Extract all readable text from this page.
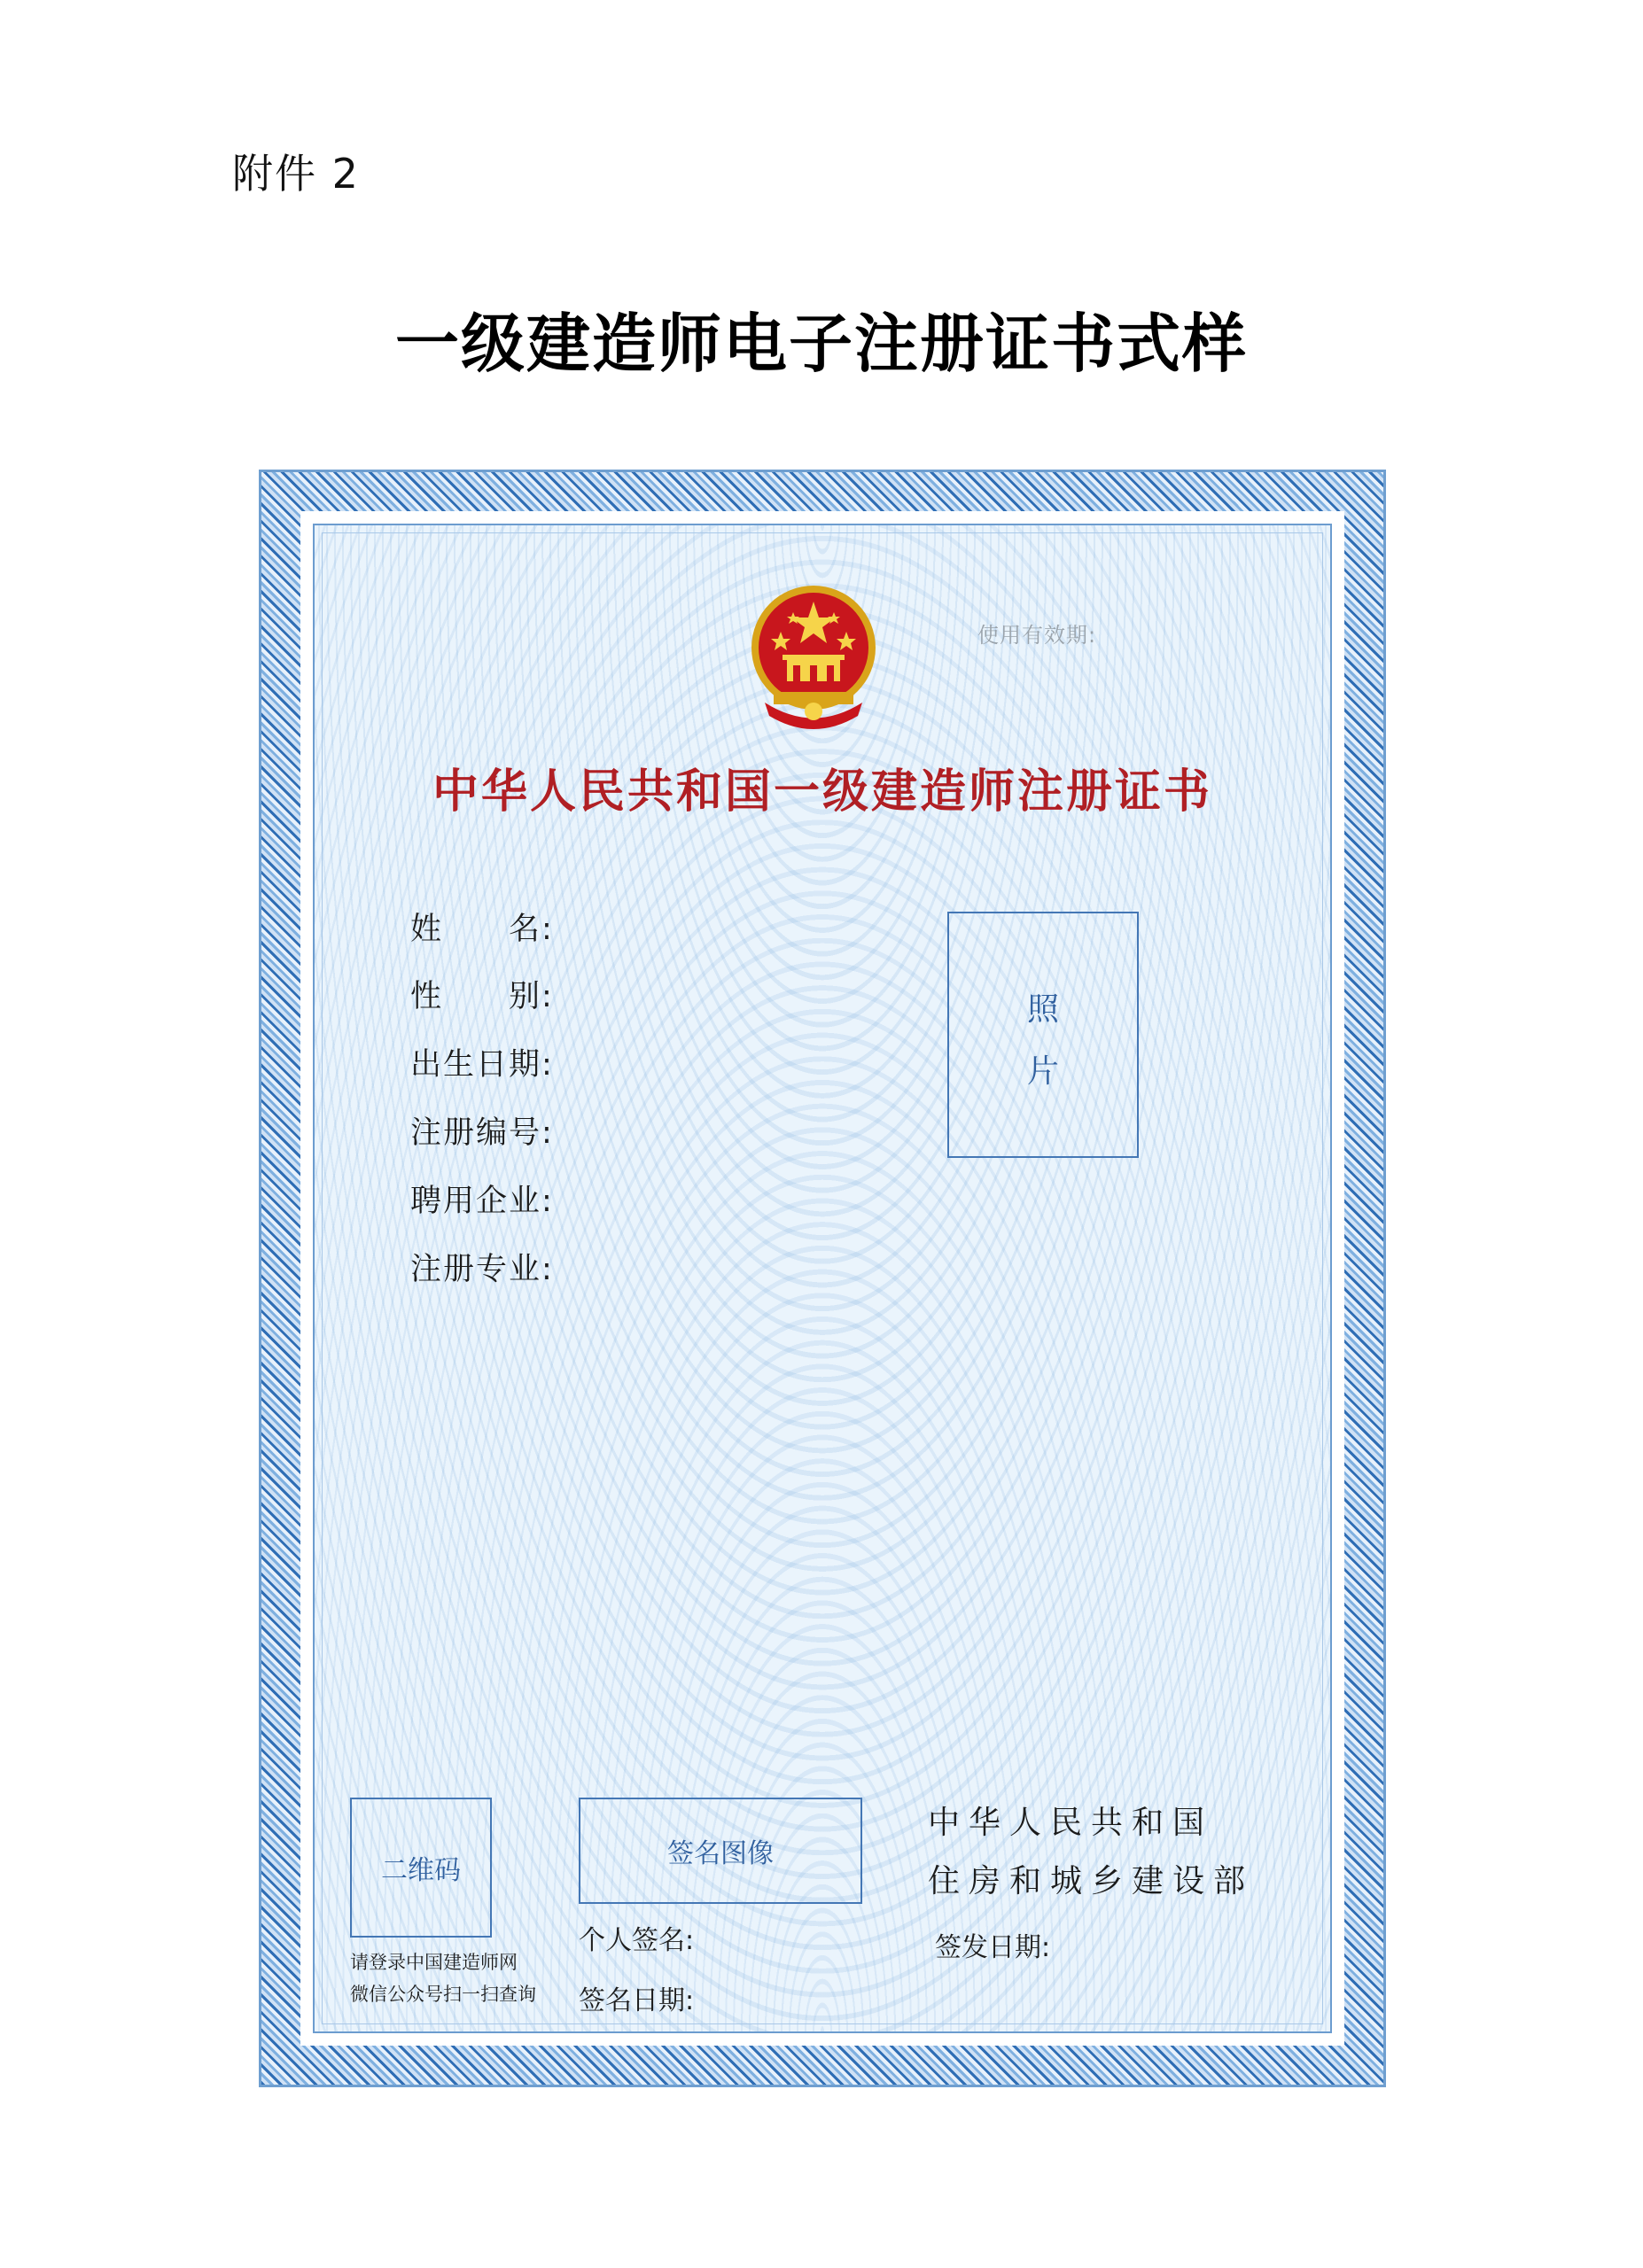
附件 2
一级建造师电子注册证书式样
使用有效期:
中华人民共和国一级建造师注册证书
姓　　名:
性　　别:
出生日期:
注册编号:
聘用企业:
注册专业:
照
片
二维码
请登录中国建造师网
微信公众号扫一扫查询
签名图像
个人签名:
签名日期:
中华人民共和国
住房和城乡建设部
签发日期:
